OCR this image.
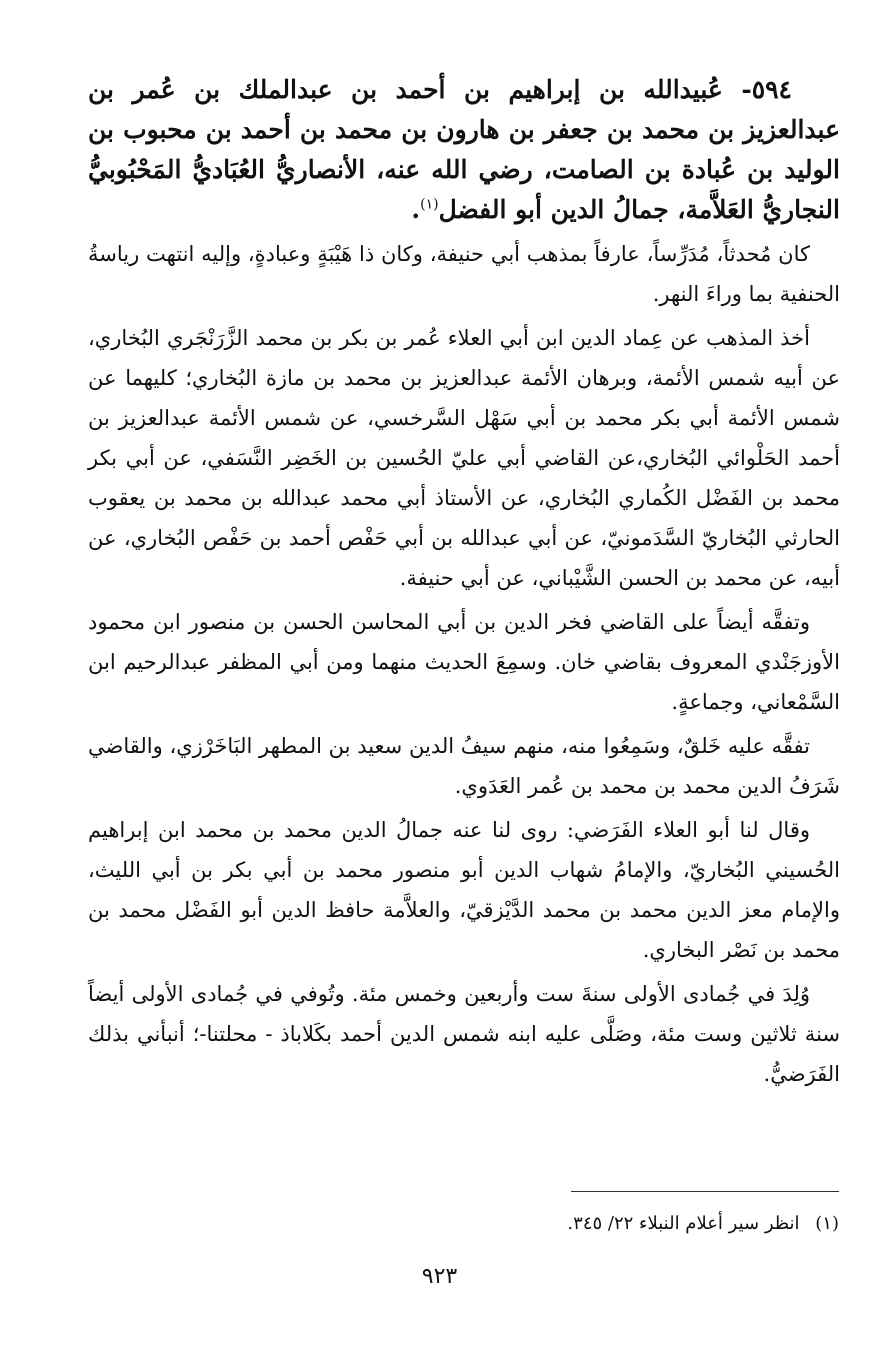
٥٩٤- عُبيدالله بن إبراهيم بن أحمد بن عبدالملك بن عُمر بن عبدالعزيز بن محمد بن جعفر بن هارون بن محمد بن أحمد بن محبوب بن الوليد بن عُبادة بن الصامت، رضي الله عنه، الأنصاريُّ العُبَاديُّ المَحْبُوبيُّ النجاريُّ العَلاَّمة، جمالُ الدين أبو الفضل$^{(١)}$.

كان مُحدثاً، مُدَرِّساً، عارفاً بمذهب أبي حنيفة، وكان ذا هَيْبَةٍ وعبادةٍ، وإليه انتهت رياسةُ الحنفية بما وراءَ النهر.

أخذ المذهب عن عِماد الدين ابن أبي العلاء عُمر بن بكر بن محمد الزَّرَنْجَري البُخاري، عن أبيه شمس الأئمة، وبرهان الأئمة عبدالعزيز بن محمد بن مازة البُخاري؛ كليهما عن شمس الأئمة أبي بكر محمد بن أبي سَهْل السَّرخسي، عن شمس الأئمة عبدالعزيز بن أحمد الحَلْوائي البُخاري،عن القاضي أبي عليّ الحُسين بن الخَضِر النَّسَفي، عن أبي بكر محمد بن الفَضْل الكُماري البُخاري، عن الأستاذ أبي محمد عبدالله بن محمد بن يعقوب الحارثي البُخاريّ السَّدَمونيّ، عن أبي عبدالله بن أبي حَفْص أحمد بن حَفْص البُخاري، عن أبيه، عن محمد بن الحسن الشَّيْباني، عن أبي حنيفة.

وتفقَّه أيضاً على القاضي فخر الدين بن أبي المحاسن الحسن بن منصور ابن محمود الأوزجَنْدي المعروف بقاضي خان. وسمِعَ الحديث منهما ومن أبي المظفر عبدالرحيم ابن السَّمْعاني، وجماعةٍ.

تفقَّه عليه خَلقٌ، وسَمِعُوا منه، منهم سيفُ الدين سعيد بن المطهر البَاخَرْزي، والقاضي شَرَفُ الدين محمد بن محمد بن عُمر العَدَوي.

وقال لنا أبو العلاء الفَرَضي: روى لنا عنه جمالُ الدين محمد بن محمد ابن إبراهيم الحُسيني البُخاريّ، والإمامُ شهاب الدين أبو منصور محمد بن أبي بكر بن أبي الليث، والإمام معز الدين محمد بن محمد الدَّيْزقيّ، والعلاَّمة حافظ الدين أبو الفَضْل محمد بن محمد بن نَصْر البخاري.

وُلِدَ في جُمادى الأولى سنةَ ست وأربعين وخمس مئة. وتُوفي في جُمادى الأولى أيضاً سنة ثلاثين وست مئة، وصَلَّى عليه ابنه شمس الدين أحمد بكَلاباذ - محلتنا-؛ أنبأني بذلك الفَرَضيُّ.

(١) انظر سير أعلام النبلاء ٢٢/ ٣٤٥.
٩٢٣
